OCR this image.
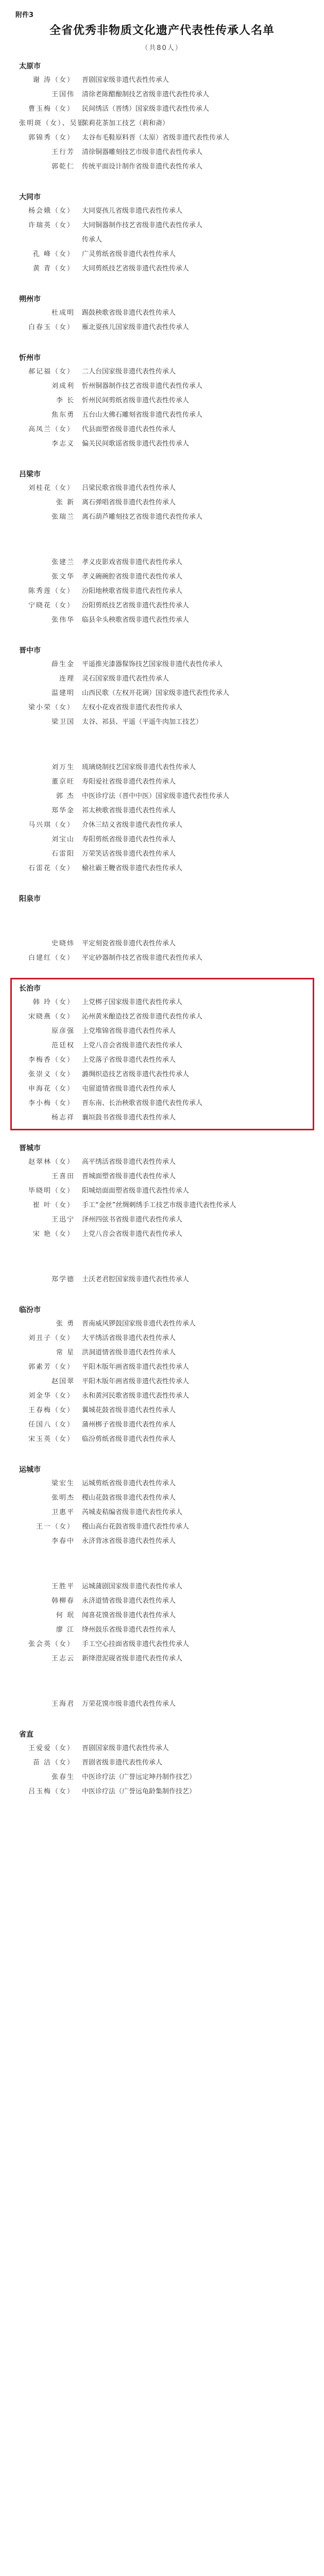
附件3
全省优秀非物质文化遗产代表性传承人名单
（共80人）
太原市
谢 涛（女） 晋剧国家级非遗代表性传承人
王国伟 清徐老陈醋酿制技艺省级非遗代表性传承人
曹玉梅（女） 民间绣活（晋绣）国家级非遗代表性传承人
张明斑（女）、吴银茉莉花茶加工技艺（莉和斋）
郭锦秀（女） 太谷布毛鞋原料晋（太原）省级非遗代表性传承人
王行芳 清徐铜器雕刻技艺市级非遗代表性传承人
郭乾仁 传统平面设计制作省级非遗代表性传承人
大同市
杨会娥（女） 大同耍孩儿省级非遗代表性传承人
许瑞英（女） 大同铜器制作技艺省级非遗代表性传承人
传承人
孔 峰（女） 广灵剪纸省级非遗代表性传承人
黄 青（女） 大同剪纸技艺省级非遗代表性传承人
朔州市
杜成明 踢鼓秧歌省级非遗代表性传承人
白春玉（女） 雁北耍孩儿国家级非遗代表性传承人
忻州市
郝记福（女） 二人台国家级非遗代表性传承人
刘成利 忻州铜器制作技艺省级非遗代表性传承人
李 长 忻州民间剪纸省级非遗代表性传承人
焦东勇 五台山大佛石雕刻省级非遗代表性传承人
高凤兰（女） 代县面塑省级非遗代表性传承人
李志义 偏关民间歌谣省级非遗代表性传承人
吕梁市
刘桂花（女） 吕梁民歌省级非遗代表性传承人
张 新 离石弹唱省级非遗代表性传承人
张瑞兰 离石葫芦雕刻技艺省级非遗代表性传承人
张建兰 孝义皮影戏省级非遗代表性传承人
张文华 孝义碗碗腔省级非遗代表性传承人
陈秀莲（女） 汾阳地秧歌省级非遗代表性传承人
宁晓花（女） 汾阳剪纸技艺省级非遗代表性传承人
张伟华 临县伞头秧歌省级非遗代表性传承人
晋中市
薛生金 平遥推光漆器髹饰技艺国家级非遗代表性传承人
连理 灵石国家级非遗代表性传承人
温建明 山西民歌（左权开花调）国家级非遗代表性传承人
梁小荣（女） 左权小花戏省级非遗代表性传承人
梁卫国 太谷、祁县、平遥（平遥牛肉加工技艺）
刘万生 琉璃烧制技艺国家级非遗代表性传承人
董京旺 寿阳爱社省级非遗代表性传承人
郭 杰 中医诊疗法（晋中中医）国家级非遗代表性传承人
郑华金 祁太秧歌省级非遗代表性传承人
马兴琪（女） 介休三结义省级非遗代表性传承人
刘宝山 寿阳剪纸省级非遗代表性传承人
石雷阳 万荣笑话省级非遗代表性传承人
石雷花（女） 榆社霸王鞭省级非遗代表性传承人
阳泉市
史晓炜 平定刻瓷省级非遗代表性传承人
白建红（女） 平定砂器制作技艺省级非遗代表性传承人
长治市
韩 玲（女） 上党梆子国家级非遗代表性传承人
宋晓燕（女） 沁州黄米酿造技艺省级非遗代表性传承人
原彦强 上党堆锦省级非遗代表性传承人
范廷权 上党八音会省级非遗代表性传承人
李梅香（女） 上党落子省级非遗代表性传承人
张崇义（女） 潞绸织造技艺省级非遗代表性传承人
申海花（女） 屯留道情省级非遗代表性传承人
李小梅（女） 晋东南、长治秧歌省级非遗代表性传承人
杨志祥 襄垣鼓书省级非遗代表性传承人
晋城市
赵翠林（女） 高平绣活省级非遗代表性传承人
王喜田 晋城面塑省级非遗代表性传承人
毕晓明（女） 阳城焙面面塑省级非遗代表性传承人
崔 叶（女） 手工“金丝”丝绸刺绣手工技艺市级非遗代表性传承人
王迅宁 泽州四弦书省级非遗代表性传承人
宋 艳（女） 上党八音会省级非遗代表性传承人
郑学德 土沃老君腔国家级非遗代表性传承人
临汾市
张 勇 晋南威风锣鼓国家级非遗代表性传承人
刘丑子（女） 大平绣活省级非遗代表性传承人
常 星 洪洞道情省级非遗代表性传承人
郭素芳（女） 平阳木版年画省级非遗代表性传承人
赵国翠 平阳木版年画省级非遗代表性传承人
刘金华（女） 永和黄河民歌省级非遗代表性传承人
王春梅（女） 翼城花鼓省级非遗代表性传承人
任国八（女） 蒲州梆子省级非遗代表性传承人
宋玉英（女） 临汾剪纸省级非遗代表性传承人
运城市
梁宏生 运城剪纸省级非遗代表性传承人
张明杰 稷山花鼓省级非遗代表性传承人
卫惠平 芮城麦秸编省级非遗代表性传承人
王一（女） 稷山高台花鼓省级非遗代表性传承人
李春中 永济背冰省级非遗代表性传承人
王胜平 运城蒲剧国家级非遗代表性传承人
韩柳春 永济道情省级非遗代表性传承人
何 珉 闻喜花馍省级非遗代表性传承人
廖 江 绛州鼓乐省级非遗代表性传承人
张会英（女） 手工空心挂面省级非遗代表性传承人
王志云 新绛澄泥砚省级非遗代表性传承人
王海君 万荣花馍市级非遗代表性传承人
省直
王爱爱（女） 晋剧国家级非遗代表性传承人
苗 洁（女） 晋剧省级非遗代表性传承人
张春生 中医诊疗法（广誉远定坤丹制作技艺）
吕玉梅（女） 中医诊疗法（广誉远龟龄集制作技艺）
